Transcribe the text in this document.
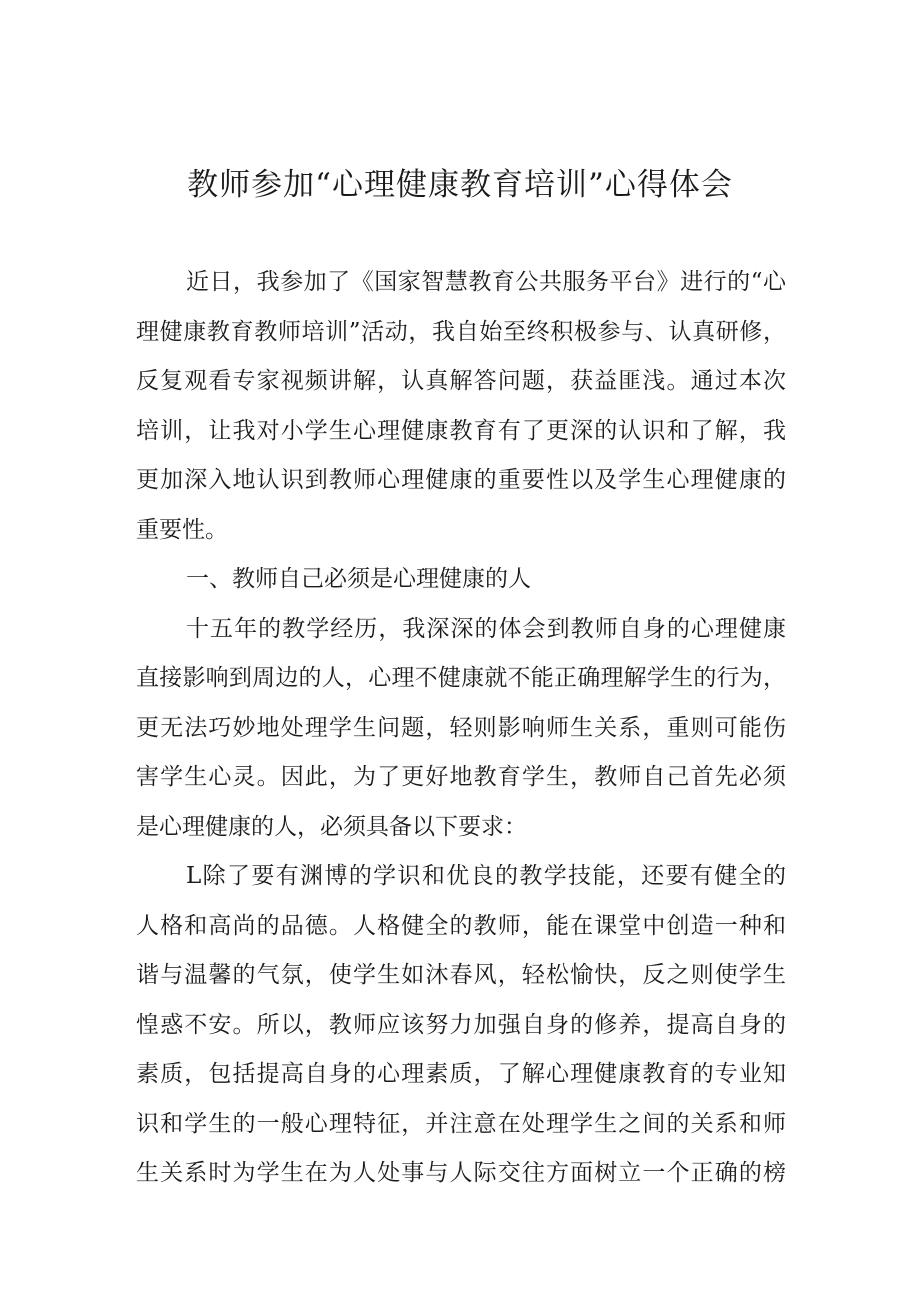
教师参加“心理健康教育培训”心得体会
近日，我参加了《国家智慧教育公共服务平台》进行的“心
理健康教育教师培训”活动，我自始至终积极参与、认真研修，
反复观看专家视频讲解，认真解答问题，获益匪浅。通过本次
培训，让我对小学生心理健康教育有了更深的认识和了解，我
更加深入地认识到教师心理健康的重要性以及学生心理健康的
重要性。
一、教师自己必须是心理健康的人
十五年的教学经历，我深深的体会到教师自身的心理健康
直接影响到周边的人，心理不健康就不能正确理解学生的行为，
更无法巧妙地处理学生问题，轻则影响师生关系，重则可能伤
害学生心灵。因此，为了更好地教育学生，教师自己首先必须
是心理健康的人，必须具备以下要求：
L除了要有渊博的学识和优良的教学技能，还要有健全的
人格和高尚的品德。人格健全的教师，能在课堂中创造一种和
谐与温馨的气氛，使学生如沐春风，轻松愉快，反之则使学生
惶惑不安。所以，教师应该努力加强自身的修养，提高自身的
素质，包括提高自身的心理素质，了解心理健康教育的专业知
识和学生的一般心理特征，并注意在处理学生之间的关系和师
生关系时为学生在为人处事与人际交往方面树立一个正确的榜
